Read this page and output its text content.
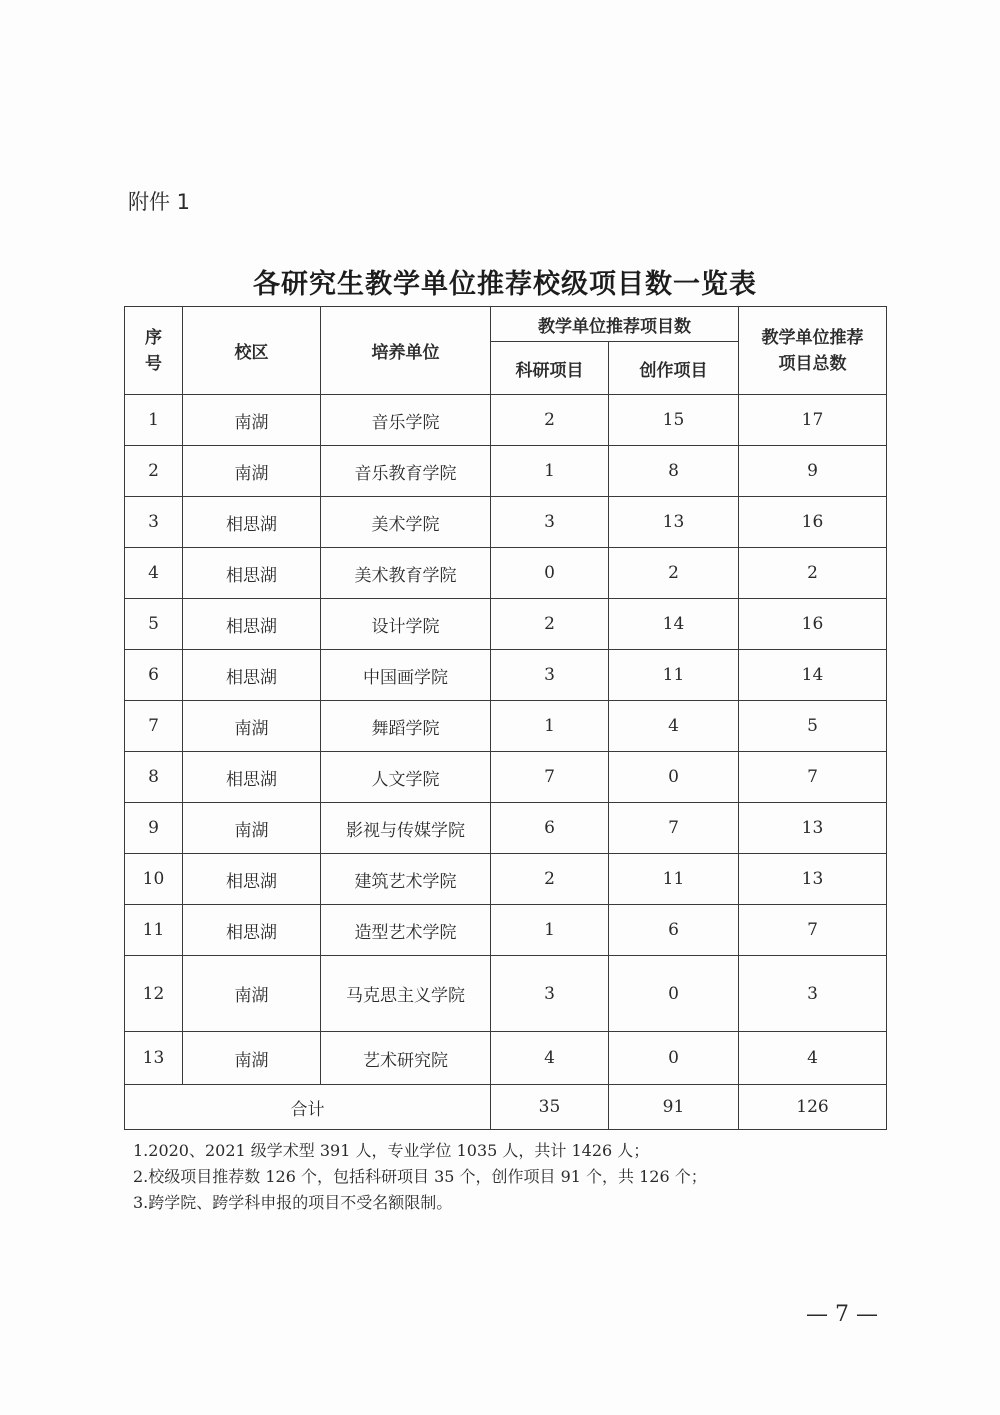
附件 1
各研究生教学单位推荐校级项目数一览表
序
号	校区	培养单位	教学单位推荐项目数		教学单位推荐
项目总数
			科研项目	创作项目	
1	南湖	音乐学院	2	15	17
2	南湖	音乐教育学院	1	8	9
3	相思湖	美术学院	3	13	16
4	相思湖	美术教育学院	0	2	2
5	相思湖	设计学院	2	14	16
6	相思湖	中国画学院	3	11	14
7	南湖	舞蹈学院	1	4	5
8	相思湖	人文学院	7	0	7
9	南湖	影视与传媒学院	6	7	13
10	相思湖	建筑艺术学院	2	11	13
11	相思湖	造型艺术学院	1	6	7
12	南湖	马克思主义学院	3	0	3
13	南湖	艺术研究院	4	0	4
合计			35	91	126
1.2020、2021 级学术型 391 人，专业学位 1035 人，共计 1426 人；
2.校级项目推荐数 126 个，包括科研项目 35 个，创作项目 91 个，共 126 个；
3.跨学院、跨学科申报的项目不受名额限制。
— 7 —
